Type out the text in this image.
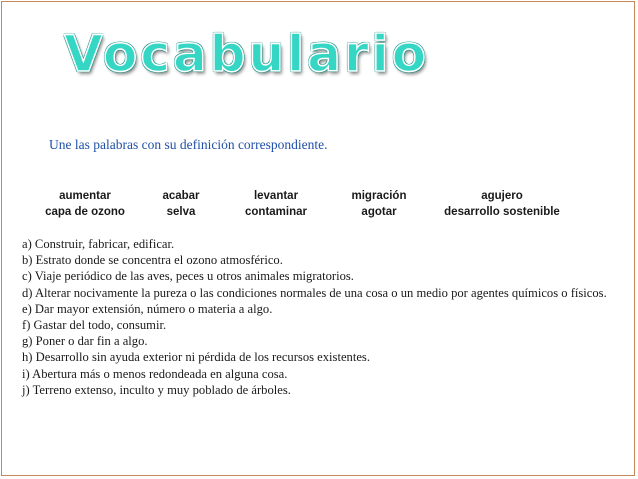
Vocabulario
Une las palabras con su definición correspondiente.
aumentar	acabar	levantar	migración	agujero
capa de ozono	selva	contaminar	agotar	desarrollo sostenible
a) Construir, fabricar, edificar.
b) Estrato donde se concentra el ozono atmosférico.
c) Viaje periódico de las aves, peces u otros animales migratorios.
d) Alterar nocivamente la pureza o las condiciones normales de una cosa o un medio por agentes químicos o físicos.
e) Dar mayor extensión, número o materia a algo.
f) Gastar del todo, consumir.
g) Poner o dar fin a algo.
h) Desarrollo sin ayuda exterior ni pérdida de los recursos existentes.
i) Abertura más o menos redondeada en alguna cosa.
j) Terreno extenso, inculto y muy poblado de árboles.
